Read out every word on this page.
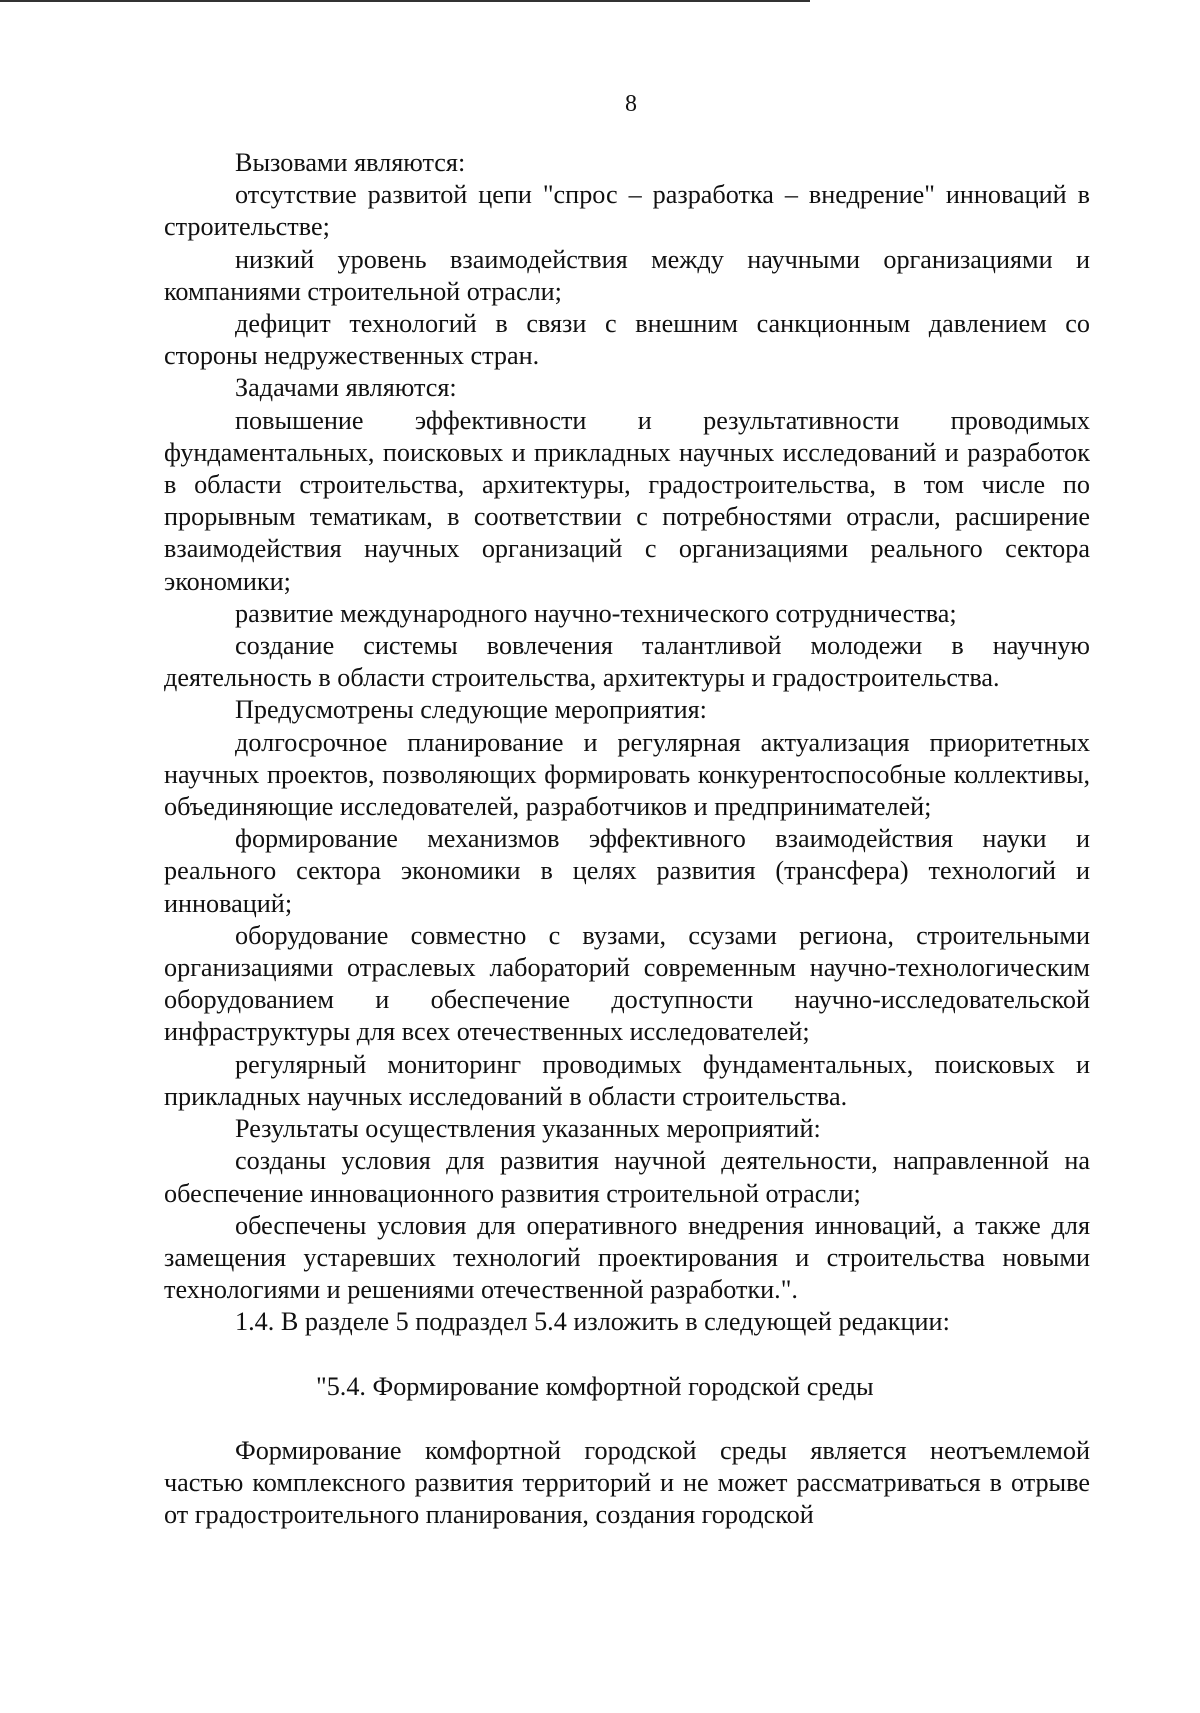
8

Вызовами являются:

отсутствие развитой цепи "спрос – разработка – внедрение" инноваций в строительстве;

низкий уровень взаимодействия между научными организациями и компаниями строительной отрасли;

дефицит технологий в связи с внешним санкционным давлением со стороны недружественных стран.

Задачами являются:

повышение эффективности и результативности проводимых фундаментальных, поисковых и прикладных научных исследований и разработок в области строительства, архитектуры, градостроительства, в том числе по прорывным тематикам, в соответствии с потребностями отрасли, расширение взаимодействия научных организаций с организациями реального сектора экономики;

развитие международного научно-технического сотрудничества;

создание системы вовлечения талантливой молодежи в научную деятельность в области строительства, архитектуры и градостроительства.

Предусмотрены следующие мероприятия:

долгосрочное планирование и регулярная актуализация приоритетных научных проектов, позволяющих формировать конкурентоспособные коллективы, объединяющие исследователей, разработчиков и предпринимателей;

формирование механизмов эффективного взаимодействия науки и реального сектора экономики в целях развития (трансфера) технологий и инноваций;

оборудование совместно с вузами, ссузами региона, строительными организациями отраслевых лабораторий современным научно-технологическим оборудованием и обеспечение доступности научно-исследовательской инфраструктуры для всех отечественных исследователей;

регулярный мониторинг проводимых фундаментальных, поисковых и прикладных научных исследований в области строительства.

Результаты осуществления указанных мероприятий:

созданы условия для развития научной деятельности, направленной на обеспечение инновационного развития строительной отрасли;

обеспечены условия для оперативного внедрения инноваций, а также для замещения устаревших технологий проектирования и строительства новыми технологиями и решениями отечественной разработки.".

1.4. В разделе 5 подраздел 5.4 изложить в следующей редакции:

"5.4. Формирование комфортной городской среды

Формирование комфортной городской среды является неотъемлемой частью комплексного развития территорий и не может рассматриваться в отрыве от градостроительного планирования, создания городской
